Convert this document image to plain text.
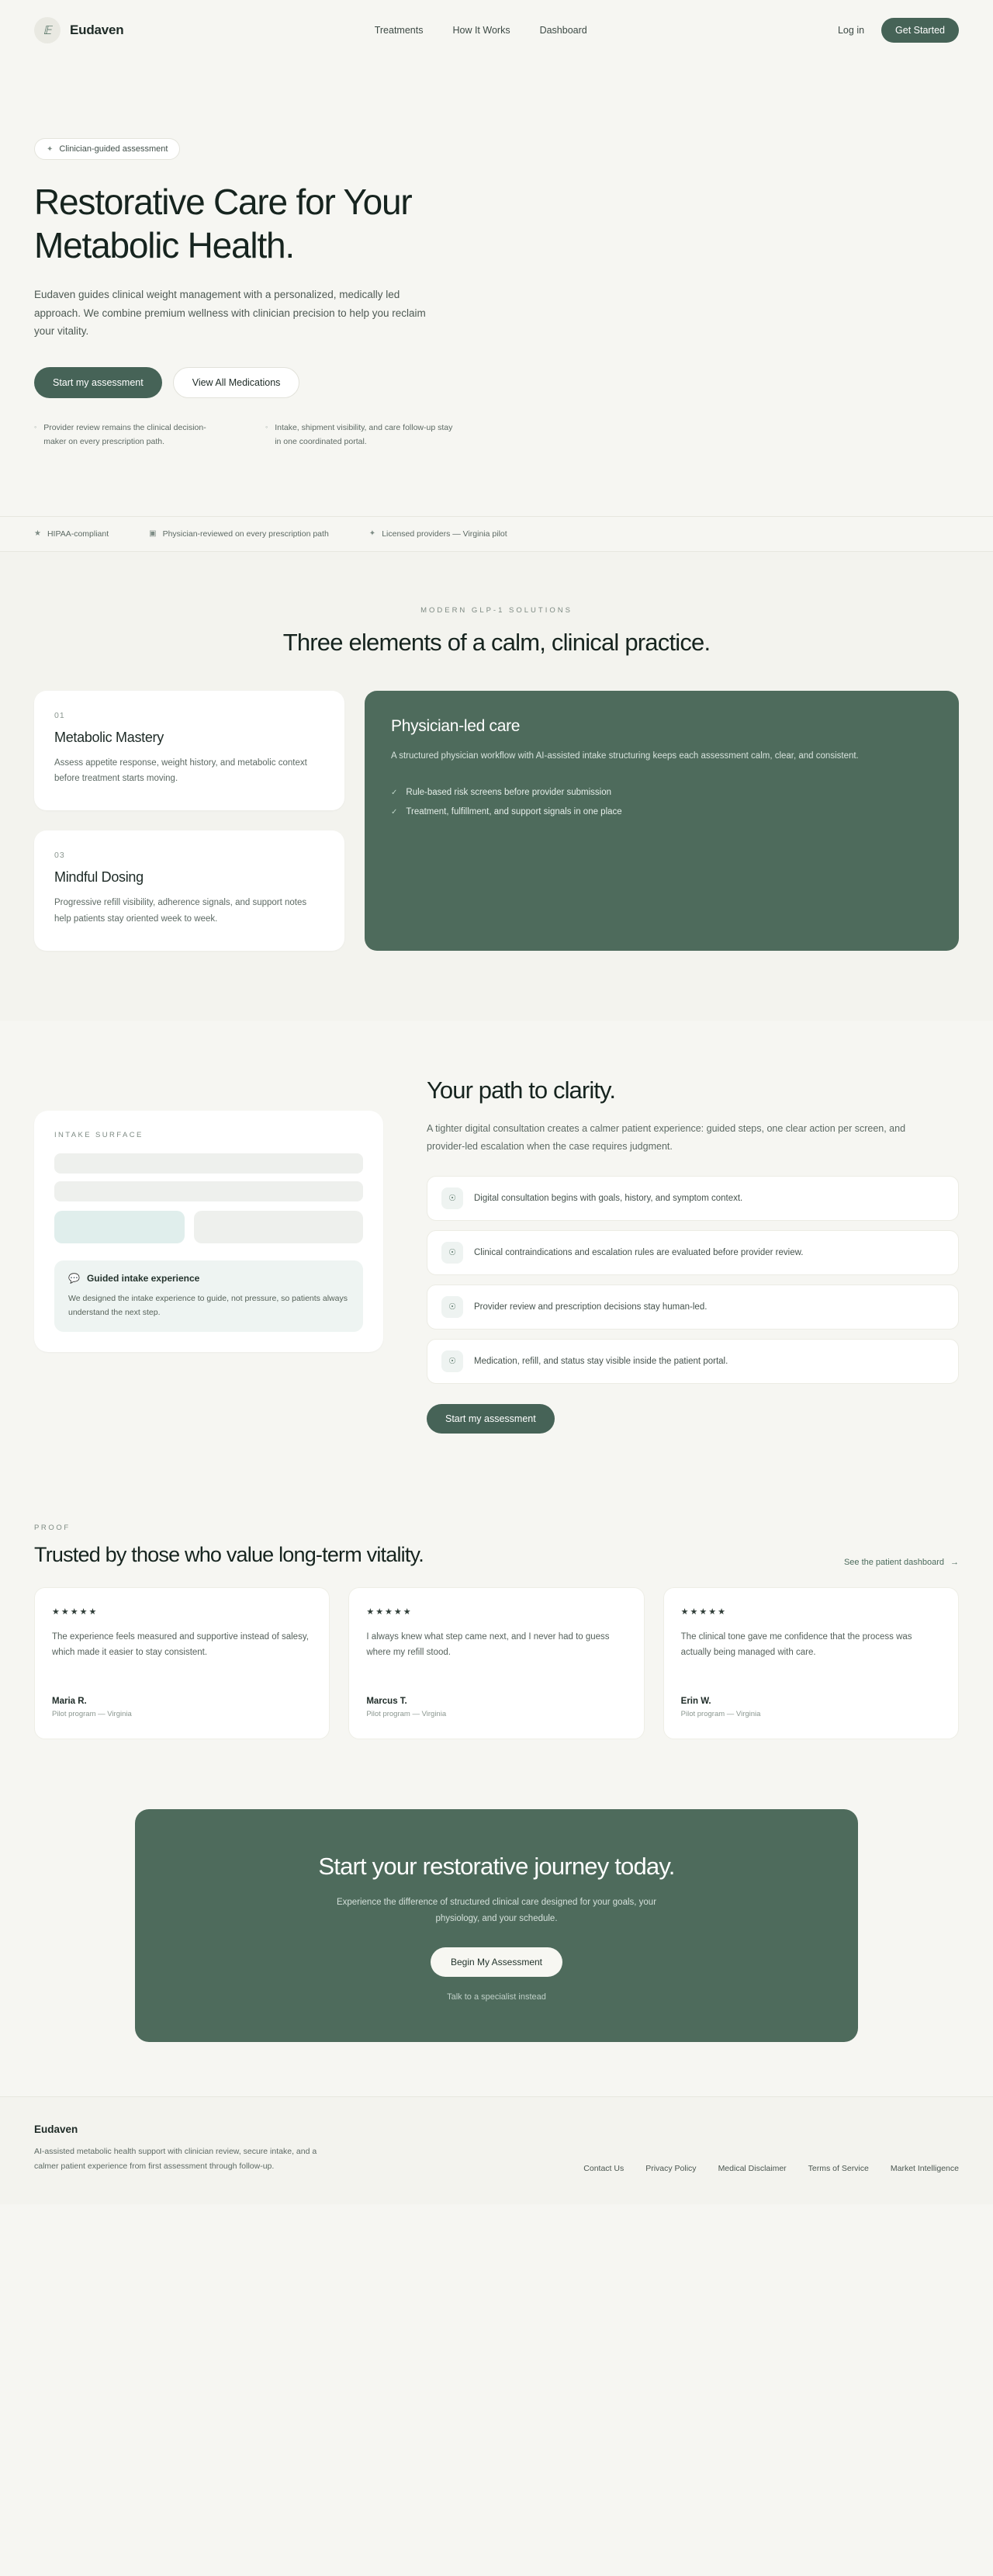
𝔼	Eudaven	Treatments	How It Works	Dashboard	Log in	Get Started
✦ Clinician-guided assessment
Restorative Care for Your Metabolic Health.
Eudaven guides clinical weight management with a personalized, medically led approach. We combine premium wellness with clinician precision to help you reclaim your vitality.
Start my assessment	View All Medications
◦ Provider review remains the clinical decision-maker on every prescription path.
◦ Intake, shipment visibility, and care follow-up stay in one coordinated portal.
★ HIPAA-compliant	▣ Physician-reviewed on every prescription path	✦ Licensed providers — Virginia pilot
MODERN GLP-1 SOLUTIONS
Three elements of a calm, clinical practice.
01
Metabolic Mastery
Assess appetite response, weight history, and metabolic context before treatment starts moving.
03
Mindful Dosing
Progressive refill visibility, adherence signals, and support notes help patients stay oriented week to week.
Physician-led care

A structured physician workflow with AI-assisted intake structuring keeps each assessment calm, clear, and consistent.

✓ Rule-based risk screens before provider submission
✓ Treatment, fulfillment, and support signals in one place
INTAKE SURFACE
💬 Guided intake experience
We designed the intake experience to guide, not pressure, so patients always understand the next step.
Your path to clarity.
A tighter digital consultation creates a calmer patient experience: guided steps, one clear action per screen, and provider-led escalation when the case requires judgment.
☉	Digital consultation begins with goals, history, and symptom context.
☉	Clinical contraindications and escalation rules are evaluated before provider review.
☉	Provider review and prescription decisions stay human-led.
☉	Medication, refill, and status stay visible inside the patient portal.
Start my assessment
PROOF
Trusted by those who value long-term vitality.	See the patient dashboard →
★★★★★
The experience feels measured and supportive instead of salesy, which made it easier to stay consistent.
Maria R.
Pilot program — Virginia
★★★★★
I always knew what step came next, and I never had to guess where my refill stood.
Marcus T.
Pilot program — Virginia
★★★★★
The clinical tone gave me confidence that the process was actually being managed with care.
Erin W.
Pilot program — Virginia
Start your restorative journey today.

Experience the difference of structured clinical care designed for your goals, your physiology, and your schedule.

Begin My Assessment
Talk to a specialist instead
Eudaven
AI-assisted metabolic health support with clinician review, secure intake, and a calmer patient experience from first assessment through follow-up.	Contact Us	Privacy Policy	Medical Disclaimer	Terms of Service	Market Intelligence
